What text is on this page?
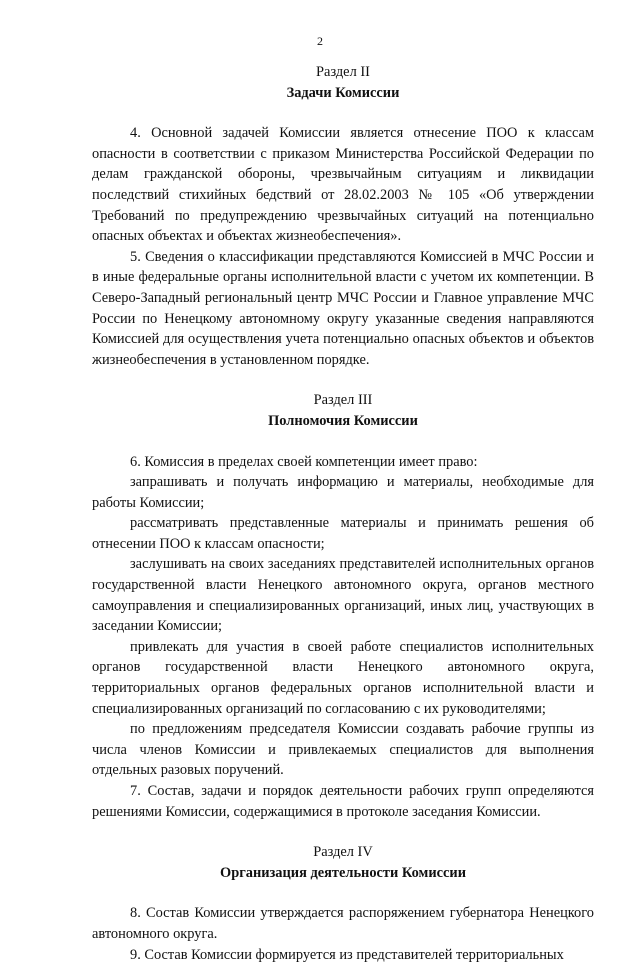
2
Раздел II
Задачи Комиссии

4. Основной задачей Комиссии является отнесение ПОО к классам опасности в соответствии с приказом Министерства Российской Федерации по делам гражданской обороны, чрезвычайным ситуациям и ликвидации последствий стихийных бедствий от 28.02.2003 № 105 «Об утверждении Требований по предупреждению чрезвычайных ситуаций на потенциально опасных объектах и объектах жизнеобеспечения».

5. Сведения о классификации представляются Комиссией в МЧС России и в иные федеральные органы исполнительной власти с учетом их компетенции. В Северо-Западный региональный центр МЧС России и Главное управление МЧС России по Ненецкому автономному округу указанные сведения направляются Комиссией для осуществления учета потенциально опасных объектов и объектов жизнеобеспечения в установленном порядке.

Раздел III
Полномочия Комиссии

6. Комиссия в пределах своей компетенции имеет право:

запрашивать и получать информацию и материалы, необходимые для работы Комиссии;

рассматривать представленные материалы и принимать решения об отнесении ПОО к классам опасности;

заслушивать на своих заседаниях представителей исполнительных органов государственной власти Ненецкого автономного округа, органов местного самоуправления и специализированных организаций, иных лиц, участвующих в заседании Комиссии;

привлекать для участия в своей работе специалистов исполнительных органов государственной власти Ненецкого автономного округа, территориальных органов федеральных органов исполнительной власти и специализированных организаций по согласованию с их руководителями;

по предложениям председателя Комиссии создавать рабочие группы из числа членов Комиссии и привлекаемых специалистов для выполнения отдельных разовых поручений.

7. Состав, задачи и порядок деятельности рабочих групп определяются решениями Комиссии, содержащимися в протоколе заседания Комиссии.

Раздел IV
Организация деятельности Комиссии

8. Состав Комиссии утверждается распоряжением губернатора Ненецкого автономного округа.

9. Состав Комиссии формируется из представителей территориальных
